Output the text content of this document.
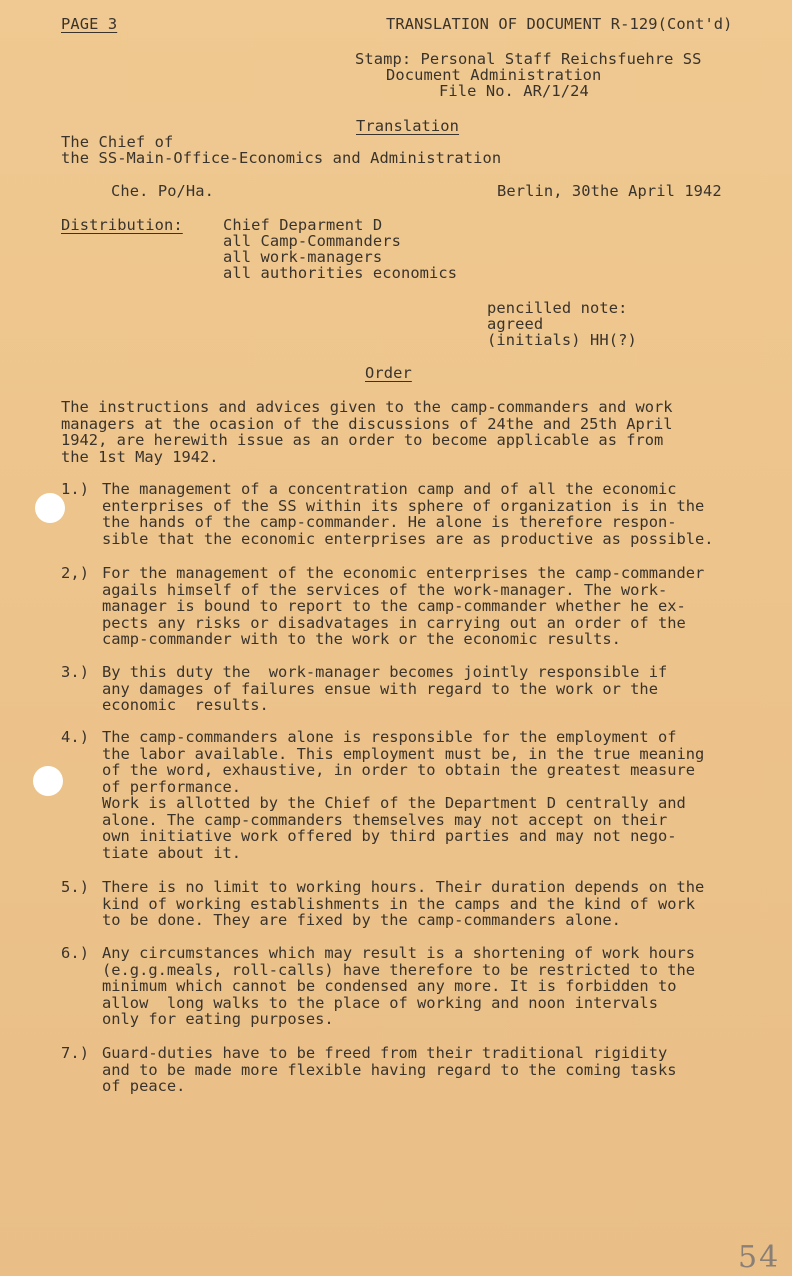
PAGE 3	TRANSLATION OF DOCUMENT R-129(Cont'd)
Stamp: Personal Staff Reichsfuehre SS
Document Administration
File No. AR/1/24
Translation
The Chief of
the SS-Main-Office-Economics and Administration
Che. Po/Ha.	Berlin, 30the April 1942
Distribution:	Chief Deparment D
all Camp-Commanders
all work-managers
all authorities economics
pencilled note:
agreed
(initials) HH(?)
Order
The instructions and advices given to the camp-commanders and work
managers at the ocasion of the discussions of 24the and 25th April
1942, are herewith issue as an order to become applicable as from
the 1st May 1942.
1.) The management of a concentration camp and of all the economic
enterprises of the SS within its sphere of organization is in the
the hands of the camp-commander. He alone is therefore respon-
sible that the economic enterprises are as productive as possible.
2,) For the management of the economic enterprises the camp-commander
agails himself of the services of the work-manager. The work-
manager is bound to report to the camp-commander whether he ex-
pects any risks or disadvatages in carrying out an order of the
camp-commander with to the work or the economic results.
3.) By this duty the  work-manager becomes jointly responsible if
any damages of failures ensue with regard to the work or the
economic  results.
4.) The camp-commanders alone is responsible for the employment of
the labor available. This employment must be, in the true meaning
of the word, exhaustive, in order to obtain the greatest measure
of performance.
Work is allotted by the Chief of the Department D centrally and
alone. The camp-commanders themselves may not accept on their
own initiative work offered by third parties and may not nego-
tiate about it.
5.) There is no limit to working hours. Their duration depends on the
kind of working establishments in the camps and the kind of work
to be done. They are fixed by the camp-commanders alone.
6.) Any circumstances which may result is a shortening of work hours
(e.g.g.meals, roll-calls) have therefore to be restricted to the
minimum which cannot be condensed any more. It is forbidden to
allow  long walks to the place of working and noon intervals
only for eating purposes.
7.) Guard-duties have to be freed from their traditional rigidity
and to be made more flexible having regard to the coming tasks
of peace.
54
